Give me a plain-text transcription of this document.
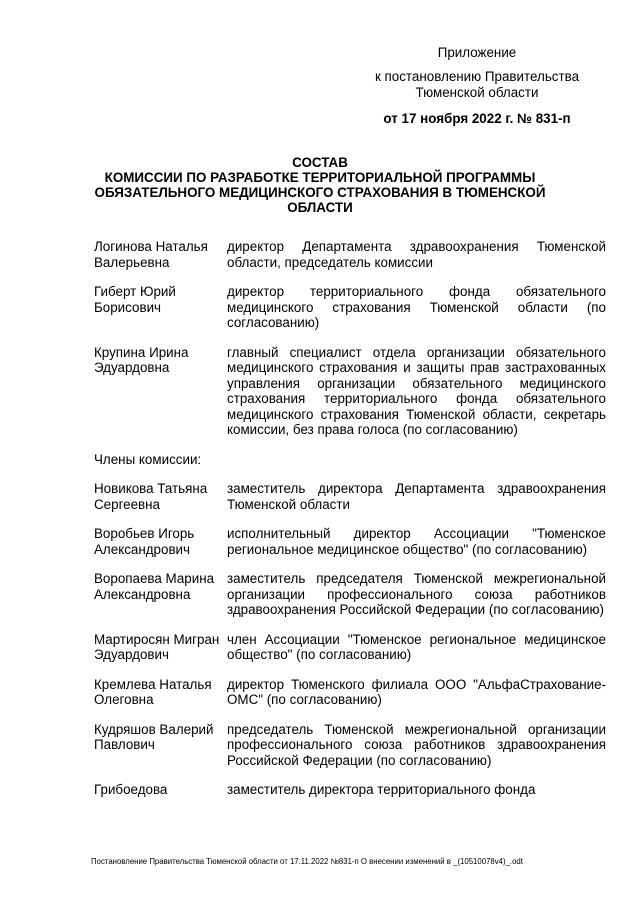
Приложение
к постановлению Правительства
Тюменской области
от 17 ноября 2022 г. № 831-п
СОСТАВ
КОМИССИИ ПО РАЗРАБОТКЕ ТЕРРИТОРИАЛЬНОЙ ПРОГРАММЫ
ОБЯЗАТЕЛЬНОГО МЕДИЦИНСКОГО СТРАХОВАНИЯ В ТЮМЕНСКОЙ
ОБЛАСТИ
Логинова Наталья Валерьевна
директор Департамента здравоохранения Тюменской области, председатель комиссии
Гиберт Юрий Борисович
директор территориального фонда обязательного медицинского страхования Тюменской области (по согласованию)
Крупина Ирина Эдуардовна
главный специалист отдела организации обязательного медицинского страхования и защиты прав застрахованных управления организации обязательного медицинского страхования территориального фонда обязательного медицинского страхования Тюменской области, секретарь комиссии, без права голоса (по согласованию)
Члены комиссии:
Новикова Татьяна Сергеевна
заместитель директора Департамента здравоохранения Тюменской области
Воробьев Игорь Александрович
исполнительный директор Ассоциации "Тюменское региональное медицинское общество" (по согласованию)
Воропаева Марина Александровна
заместитель председателя Тюменской межрегиональной организации профессионального союза работников здравоохранения Российской Федерации (по согласованию)
Мартиросян Мигран Эдуардович
член Ассоциации "Тюменское региональное медицинское общество" (по согласованию)
Кремлева Наталья Олеговна
директор Тюменского филиала ООО "АльфаСтрахование-ОМС" (по согласованию)
Кудряшов Валерий Павлович
председатель Тюменской межрегиональной организации профессионального союза работников здравоохранения Российской Федерации (по согласованию)
Грибоедова	заместитель директора территориального фонда
Постановление Правительства Тюменской области от 17.11.2022 №831-п О внесении изменений в _(10510078v4)_.odt
